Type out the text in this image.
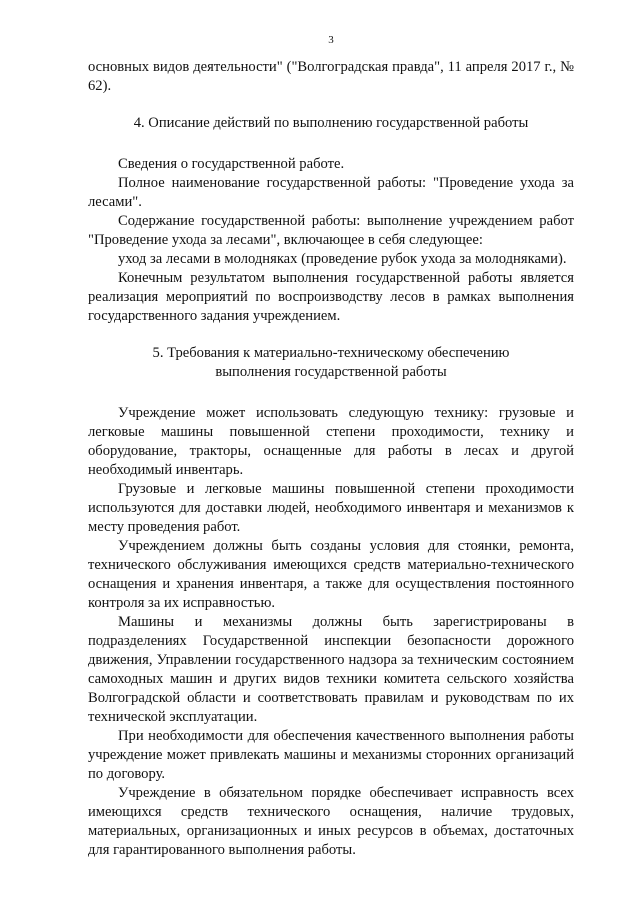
3

основных видов деятельности" ("Волгоградская правда", 11 апреля 2017 г., № 62).

4. Описание действий по выполнению государственной работы

Сведения о государственной работе.

Полное наименование государственной работы: "Проведение ухода за лесами".

Содержание государственной работы: выполнение учреждением работ "Проведение ухода за лесами", включающее в себя следующее:

уход за лесами в молодняках (проведение рубок ухода за молодняками).

Конечным результатом выполнения государственной работы является реализация мероприятий по воспроизводству лесов в рамках выполнения государственного задания учреждением.

5. Требования к материально-техническому обеспечению
выполнения государственной работы

Учреждение может использовать следующую технику: грузовые и легковые машины повышенной степени проходимости, технику и оборудование, тракторы, оснащенные для работы в лесах и другой необходимый инвентарь.

Грузовые и легковые машины повышенной степени проходимости используются для доставки людей, необходимого инвентаря и механизмов к месту проведения работ.

Учреждением должны быть созданы условия для стоянки, ремонта, технического обслуживания имеющихся средств материально-технического оснащения и хранения инвентаря, а также для осуществления постоянного контроля за их исправностью.

Машины и механизмы должны быть зарегистрированы в подразделениях Государственной инспекции безопасности дорожного движения, Управлении государственного надзора за техническим состоянием самоходных машин и других видов техники комитета сельского хозяйства Волгоградской области и соответствовать правилам и руководствам по их технической эксплуатации.

При необходимости для обеспечения качественного выполнения работы учреждение может привлекать машины и механизмы сторонних организаций по договору.

Учреждение в обязательном порядке обеспечивает исправность всех имеющихся средств технического оснащения, наличие трудовых, материальных, организационных и иных ресурсов в объемах, достаточных для гарантированного выполнения работы.
